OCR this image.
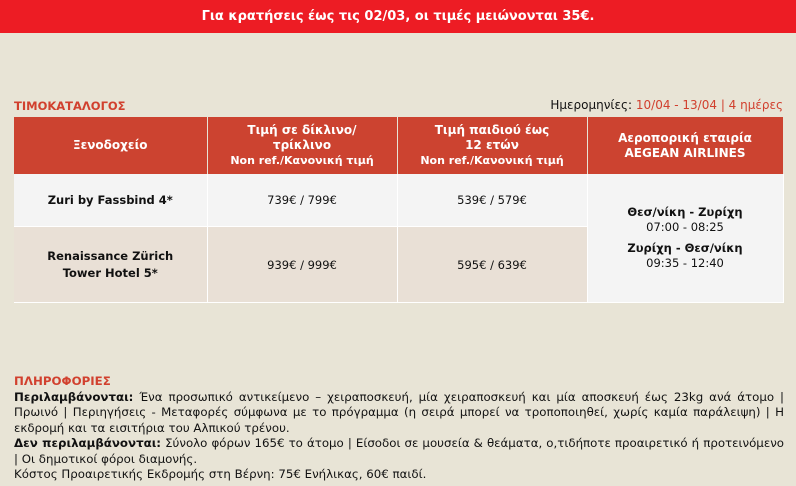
Για κρατήσεις έως τις 02/03, οι τιμές μειώνονται 35€.
ΤΙΜΟΚΑΤΑΛΟΓΟΣ	Ημερομηνίες: 10/04 - 13/04 | 4 ημέρες
Ξενοδοχείο	
Τιμή σε δίκλινο/
τρίκλινο
Non ref./Κανονική τιμή

Τιμή παιδιού έως
12 ετών
Non ref./Κανονική τιμή

Αεροπορική εταιρία
AEGEAN AIRLINES

Zuri by Fassbind 4*	739€ / 799€	539€ / 579€	Θεσ/νίκη - Ζυρίχη
07:00 - 08:25
Ζυρίχη - Θεσ/νίκη
09:35 - 12:40

Renaissance Zürich
Tower Hotel 5*	939€ / 999€	595€ / 639€	
ΠΛΗΡΟΦΟΡΙΕΣ
Περιλαμβάνονται: Ένα προσωπικό αντικείμενο – χειραποσκευή, μία χειραποσκευή και μία αποσκευή έως 23kg ανά άτομο | Πρωινό | Περιηγήσεις - Μεταφορές σύμφωνα με το πρόγραμμα (η σειρά μπορεί να τροποποιηθεί, χωρίς καμία παράλειψη) | Η εκδρομή και τα εισιτήρια του Αλπικού τρένου.
Δεν περιλαμβάνονται: Σύνολο φόρων 165€ το άτομο | Είσοδοι σε μουσεία & θεάματα, ο,τιδήποτε προαιρετικό ή προτεινόμενο | Οι δημοτικοί φόροι διαμονής.
Κόστος Προαιρετικής Εκδρομής στη Βέρνη: 75€ Ενήλικας, 60€ παιδί.
